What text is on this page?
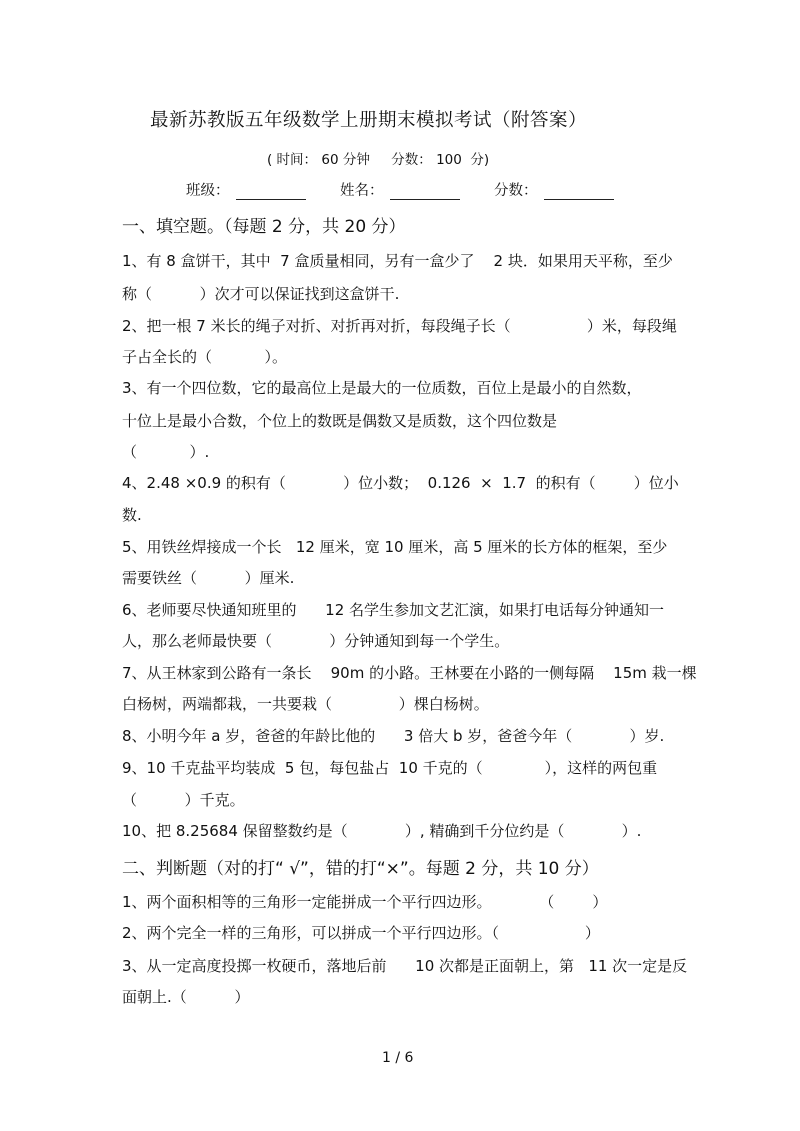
最新苏教版五年级数学上册期末模拟考试（附答案）
( 时间： 60 分钟     分数： 100  分)
班级：	姓名：	分数：
一、填空题。（每题 2 分，共 20 分）
1、有 8 盒饼干，其中  7 盒质量相同，另有一盒少了    2 块．如果用天平称，至少
称（          ）次才可以保证找到这盒饼干.
2、把一根 7 米长的绳子对折、对折再对折，每段绳子长（                ）米，每段绳
子占全长的（           ）。
3、有一个四位数，它的最高位上是最大的一位质数，百位上是最小的自然数，
十位上是最小合数，个位上的数既是偶数又是质数，这个四位数是
（           ）.
4、2.48 ×0.9 的积有（            ）位小数；  0.126  ×  1.7  的积有（        ）位小
数.
5、用铁丝焊接成一个长   12 厘米，宽 10 厘米，高 5 厘米的长方体的框架，至少
需要铁丝（          ）厘米.
6、老师要尽快通知班里的      12 名学生参加文艺汇演，如果打电话每分钟通知一
人，那么老师最快要（            ）分钟通知到每一个学生。
7、从王林家到公路有一条长    90m 的小路。王林要在小路的一侧每隔    15m 栽一棵
白杨树，两端都栽，一共要栽（              ）棵白杨树。
8、小明今年 a 岁，爸爸的年龄比他的      3 倍大 b 岁，爸爸今年（            ）岁.
9、10 千克盐平均装成  5 包，每包盐占  10 千克的（             ），这样的两包重
（          ）千克。
10、把 8.25684 保留整数约是（            ）, 精确到千分位约是（            ）.
二、判断题（对的打“ √”，错的打“×”。每题 2 分，共 10 分）
1、两个面积相等的三角形一定能拼成一个平行四边形。          （        ）
2、两个完全一样的三角形，可以拼成一个平行四边形。（                  ）
3、从一定高度投掷一枚硬币，落地后前      10 次都是正面朝上，第   11 次一定是反
面朝上.（          ）
1 / 6
